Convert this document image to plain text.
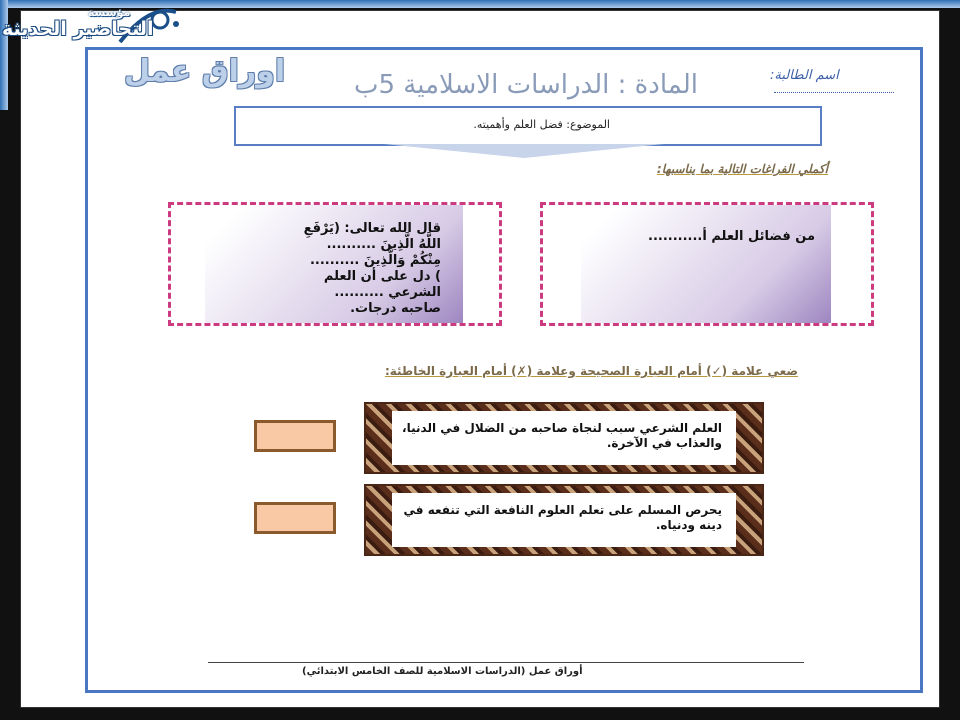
اوراق عمل	المادة : الدراسات الاسلامية 5ب	اسم الطالبة:
الموضوع: فضل العلم وأهميته.
أكملي الفراغات التالية بما يناسبها:
قال الله تعالى: (يَرْفَعِ اللَّهُ الَّذِينَ .......... مِنْكُمْ وَالَّذِينَ .......... ) دل على أن العلم الشرعي .......... صاحبه درجات.
من فضائل العلم أ...........
ضعي علامة (✓) أمام العبارة الصحيحة وعلامة (✗) أمام العبارة الخاطئة:
العلم الشرعي سبب لنجاة صاحبه من الضلال في الدنيا، والعذاب في الآخرة.
يحرص المسلم على تعلم العلوم النافعة التي تنفعه في دينه ودنياه.
أوراق عمل (الدراسات الاسلامية للصف الخامس الابتدائي)
مؤسسة
التحاضير الحديثة
